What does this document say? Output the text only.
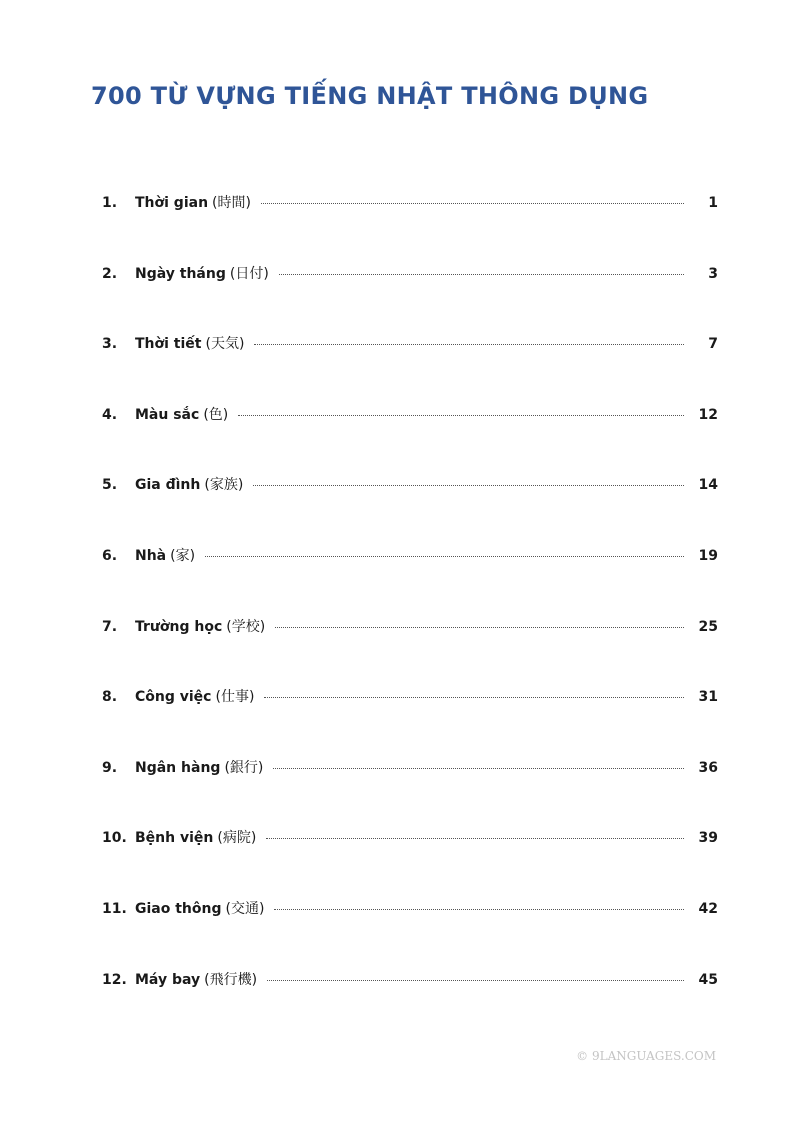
700 TỪ VỰNG TIẾNG NHẬT THÔNG DỤNG
1.	Thời gian (時間)	1
2.	Ngày tháng (日付)	3
3.	Thời tiết (天気)	7
4.	Màu sắc (色)	12
5.	Gia đình (家族)	14
6.	Nhà (家)	19
7.	Trường học (学校)	25
8.	Công việc (仕事)	31
9.	Ngân hàng (銀行)	36
10. Bệnh viện (病院)	39
11. Giao thông (交通)	42
12. Máy bay (飛行機)	45
© 9LANGUAGES.COM
